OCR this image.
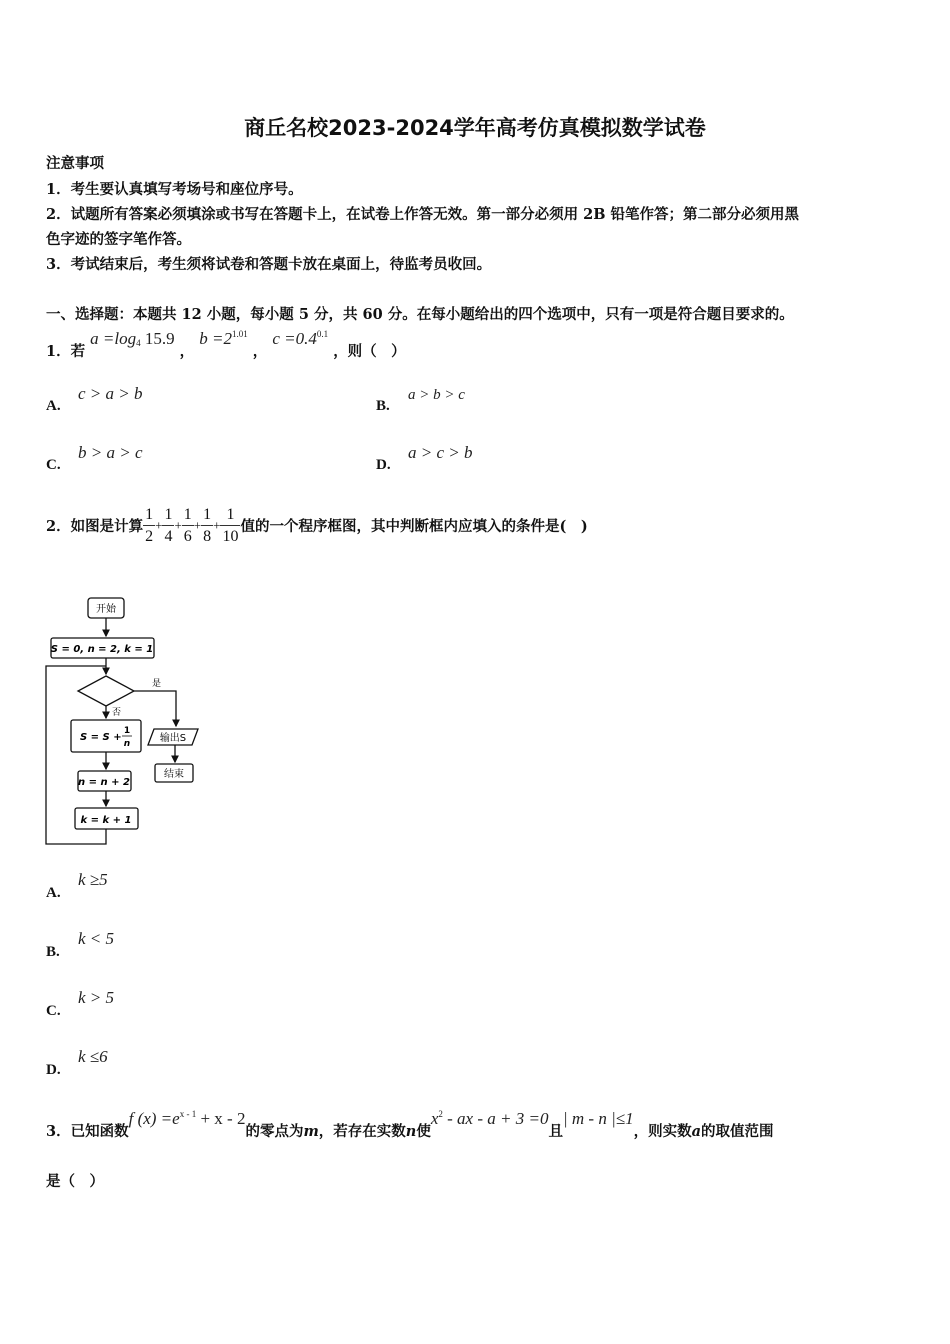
商丘名校2023-2024学年高考仿真模拟数学试卷
注意事项
1．考生要认真填写考场号和座位序号。
2．试题所有答案必须填涂或书写在答题卡上，在试卷上作答无效。第一部分必须用 2B 铅笔作答；第二部分必须用黑
色字迹的签字笔作答。
3．考试结束后，考生须将试卷和答题卡放在桌面上，待监考员收回。
一、选择题：本题共 12 小题，每小题 5 分，共 60 分。在每小题给出的四个选项中，只有一项是符合题目要求的。
1．若 $a =\log_4$ 15.9 ， $b =2^{1.01}$ ， $c =0.4^{0.1}$ ，则（　）
A.
c > a > b
B.
a > b > c
C.
b > a > c
D.
a > c > b
2．如图是计算 $\frac{1}{2} + \frac{1}{4} + \frac{1}{6} + \frac{1}{8} + \frac{1}{10}$ 值的一个程序框图，其中判断框内应填入的条件是(　)
开始
S = 0, n = 2, k = 1
是
否
S = S +
1
n	输出S
结束
n = n + 2
k = k + 1
A.
k ≥5
B.
k < 5
C.
k > 5
D.
k ≤6
3．已知函数f $(x) =e^{x - 1} + x - 2$的零点为m，若存在实数n使$x^2$ - ax - a + 3 =0且| m - n |≤1，则实数a的取值范围
是（　）
